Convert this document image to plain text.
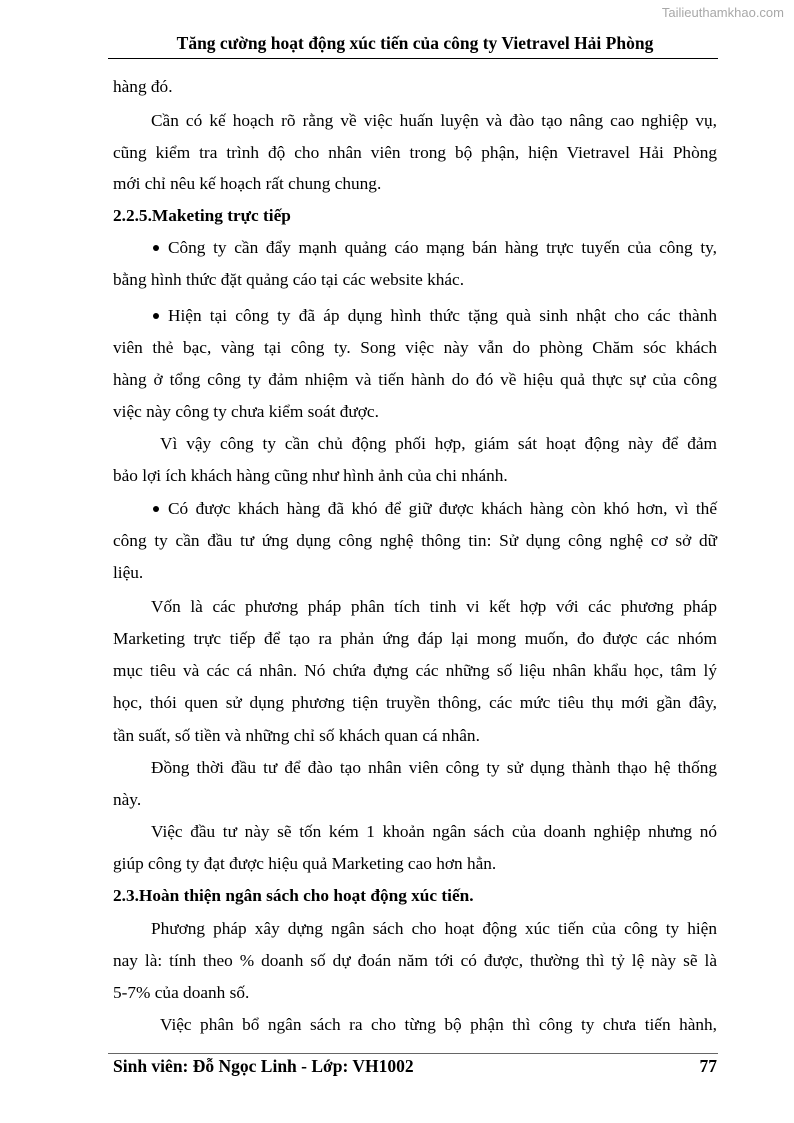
Tailieuthamkhao.com
Tăng cường hoạt động xúc tiến của công ty Vietravel Hải Phòng
hàng đó.
Cần có kế hoạch rõ rằng về việc huấn luyện và đào tạo nâng cao nghiệp vụ,
cũng kiểm tra trình độ cho nhân viên trong bộ phận, hiện Vietravel Hải Phòng
mới chỉ nêu kế hoạch rất chung chung.
2.2.5.Maketing trực tiếp
Công ty cần đẩy mạnh quảng cáo mạng bán hàng trực tuyến của công ty,
bằng hình thức đặt quảng cáo tại các website khác.
Hiện tại công ty đã áp dụng hình thức tặng quà sinh nhật cho các thành
viên thẻ bạc, vàng tại công ty. Song việc này vẫn do phòng Chăm sóc khách
hàng ở tổng công ty đảm nhiệm và tiến hành do đó về hiệu quả thực sự của công
việc này công ty chưa kiểm soát được.
Vì vậy công ty cần chủ động phối hợp, giám sát hoạt động này để đảm
bảo lợi ích khách hàng cũng như hình ảnh của chi nhánh.
Có được khách hàng đã khó để giữ được khách hàng còn khó hơn, vì thế
công ty cần đầu tư ứng dụng công nghệ thông tin: Sử dụng công nghệ cơ sở dữ
liệu.
Vốn là các phương pháp phân tích tinh vi kết hợp với các phương pháp
Marketing trực tiếp để tạo ra phản ứng đáp lại mong muốn, đo được các nhóm
mục tiêu và các cá nhân. Nó chứa đựng các những số liệu nhân khẩu học, tâm lý
học, thói quen sử dụng phương tiện truyền thông, các mức tiêu thụ mới gần đây,
tần suất, số tiền và những chỉ số khách quan cá nhân.
Đồng thời đầu tư để đào tạo nhân viên công ty sử dụng thành thạo hệ thống
này.
Việc đầu tư này sẽ tốn kém 1 khoản ngân sách của doanh nghiệp nhưng nó
giúp công ty đạt được hiệu quả Marketing cao hơn hẳn.
2.3.Hoàn thiện ngân sách cho hoạt động xúc tiến.
Phương pháp xây dựng ngân sách cho hoạt động xúc tiến của công ty hiện
nay là: tính theo % doanh số dự đoán năm tới có được, thường thì tỷ lệ này sẽ là
5-7% của doanh số.
Việc phân bổ ngân sách ra cho từng bộ phận thì công ty chưa tiến hành,
Sinh viên: Đỗ Ngọc Linh - Lớp: VH1002	77
